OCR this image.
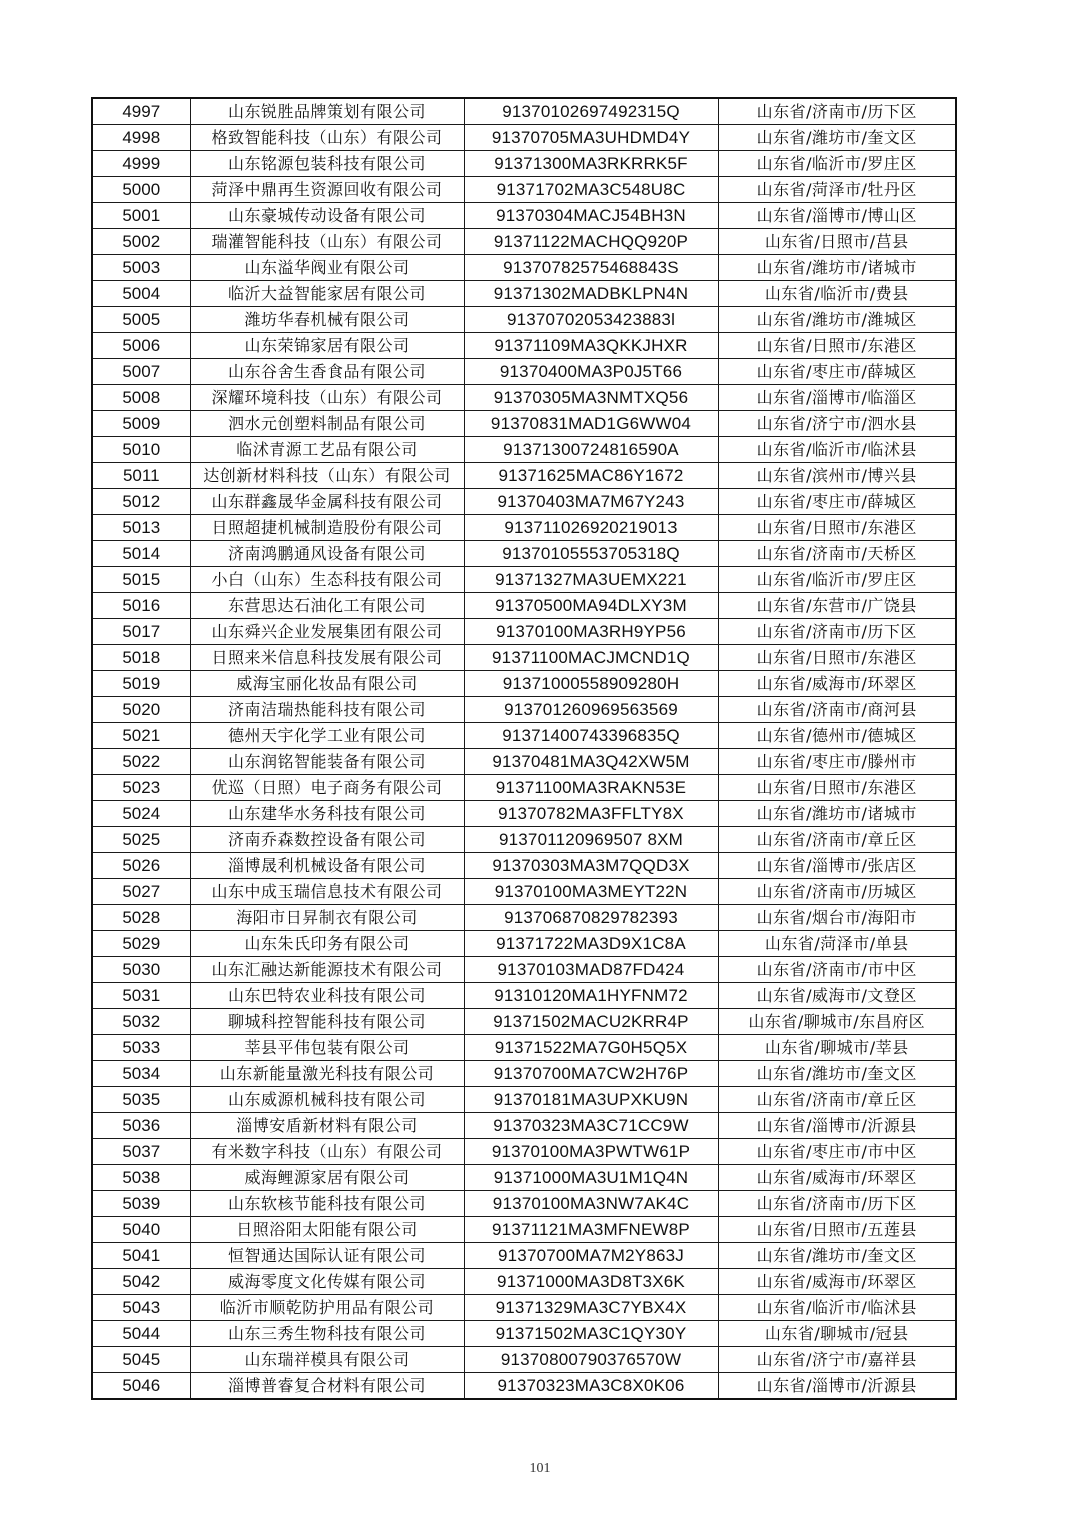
4997	山东锐胜品牌策划有限公司	91370102697492315Q	山东省/济南市/历下区
4998	格致智能科技（山东）有限公司	91370705MA3UHDMD4Y	山东省/潍坊市/奎文区
4999	山东铭源包装科技有限公司	91371300MA3RKRRK5F	山东省/临沂市/罗庄区
5000	菏泽中鼎再生资源回收有限公司	91371702MA3C548U8C	山东省/菏泽市/牡丹区
5001	山东豪城传动设备有限公司	91370304MACJ54BH3N	山东省/淄博市/博山区
5002	瑞灌智能科技（山东）有限公司	91371122MACHQQ920P	山东省/日照市/莒县
5003	山东溢华阀业有限公司	91370782575468843S	山东省/潍坊市/诸城市
5004	临沂大益智能家居有限公司	91371302MADBKLPN4N	山东省/临沂市/费县
5005	潍坊华春机械有限公司	91370702053423883l	山东省/潍坊市/潍城区
5006	山东荣锦家居有限公司	91371109MA3QKKJHXR	山东省/日照市/东港区
5007	山东谷舍生香食品有限公司	91370400MA3P0J5T66	山东省/枣庄市/薛城区
5008	深耀环境科技（山东）有限公司	91370305MA3NMTXQ56	山东省/淄博市/临淄区
5009	泗水元创塑料制品有限公司	91370831MAD1G6WW04	山东省/济宁市/泗水县
5010	临沭青源工艺品有限公司	91371300724816590A	山东省/临沂市/临沭县
5011	达创新材料科技（山东）有限公司	91371625MAC86Y1672	山东省/滨州市/博兴县
5012	山东群鑫晟华金属科技有限公司	91370403MA7M67Y243	山东省/枣庄市/薛城区
5013	日照超捷机械制造股份有限公司	91371102692021901З	山东省/日照市/东港区
5014	济南鸿鹏通风设备有限公司	91370105553705318Q	山东省/济南市/天桥区
5015	小白（山东）生态科技有限公司	91371327MA3UEMX221	山东省/临沂市/罗庄区
5016	东营思达石油化工有限公司	91370500MA94DLXY3M	山东省/东营市/广饶县
5017	山东舜兴企业发展集团有限公司	91370100MA3RH9YP56	山东省/济南市/历下区
5018	日照来米信息科技发展有限公司	91371100MACJMCND1Q	山东省/日照市/东港区
5019	威海宝丽化妆品有限公司	91371000558909280H	山东省/威海市/环翠区
5020	济南洁瑞热能科技有限公司	913701260969563569	山东省/济南市/商河县
5021	德州天宇化学工业有限公司	91371400743396835Q	山东省/德州市/德城区
5022	山东润铭智能装备有限公司	91370481MA3Q42XW5M	山东省/枣庄市/滕州市
5023	优巡（日照）电子商务有限公司	91371100MA3RAKN53E	山东省/日照市/东港区
5024	山东建华水务科技有限公司	91370782MA3FFLTY8X	山东省/潍坊市/诸城市
5025	济南乔森数控设备有限公司	913701120969507 8XM	山东省/济南市/章丘区
5026	淄博晟利机械设备有限公司	91370303MA3M7QQD3X	山东省/淄博市/张店区
5027	山东中成玉瑞信息技术有限公司	91370100MA3MEYT22N	山东省/济南市/历城区
5028	海阳市日昇制衣有限公司	913706870829782393	山东省/烟台市/海阳市
5029	山东朱氏印务有限公司	91371722MA3D9X1C8A	山东省/菏泽市/单县
5030	山东汇融达新能源技术有限公司	91370103MAD87FD424	山东省/济南市/市中区
5031	山东巴特农业科技有限公司	91310120MA1HYFNM72	山东省/威海市/文登区
5032	聊城科控智能科技有限公司	91371502MACU2KRR4P	山东省/聊城市/东昌府区
5033	莘县平伟包装有限公司	91371522MA7G0H5Q5X	山东省/聊城市/莘县
5034	山东新能量激光科技有限公司	91370700MA7CW2H76P	山东省/潍坊市/奎文区
5035	山东威源机械科技有限公司	91370181MA3UPXKU9N	山东省/济南市/章丘区
5036	淄博安盾新材料有限公司	91370323MA3C71CC9W	山东省/淄博市/沂源县
5037	有米数字科技（山东）有限公司	91370100MA3PWTW61P	山东省/枣庄市/市中区
5038	威海鲤源家居有限公司	91371000MA3U1M1Q4N	山东省/威海市/环翠区
5039	山东软核节能科技有限公司	91370100MA3NW7AK4C	山东省/济南市/历下区
5040	日照浴阳太阳能有限公司	91371121MA3MFNEW8P	山东省/日照市/五莲县
5041	恒智通达国际认证有限公司	91370700MA7M2Y863J	山东省/潍坊市/奎文区
5042	威海零度文化传媒有限公司	91371000MA3D8T3X6K	山东省/威海市/环翠区
5043	临沂市顺乾防护用品有限公司	91371329MA3C7YBX4X	山东省/临沂市/临沭县
5044	山东三秀生物科技有限公司	91371502MA3C1QY30Y	山东省/聊城市/冠县
5045	山东瑞祥模具有限公司	91370800790376570W	山东省/济宁市/嘉祥县
5046	淄博普睿复合材料有限公司	91370323MA3C8X0K06	山东省/淄博市/沂源县
101
